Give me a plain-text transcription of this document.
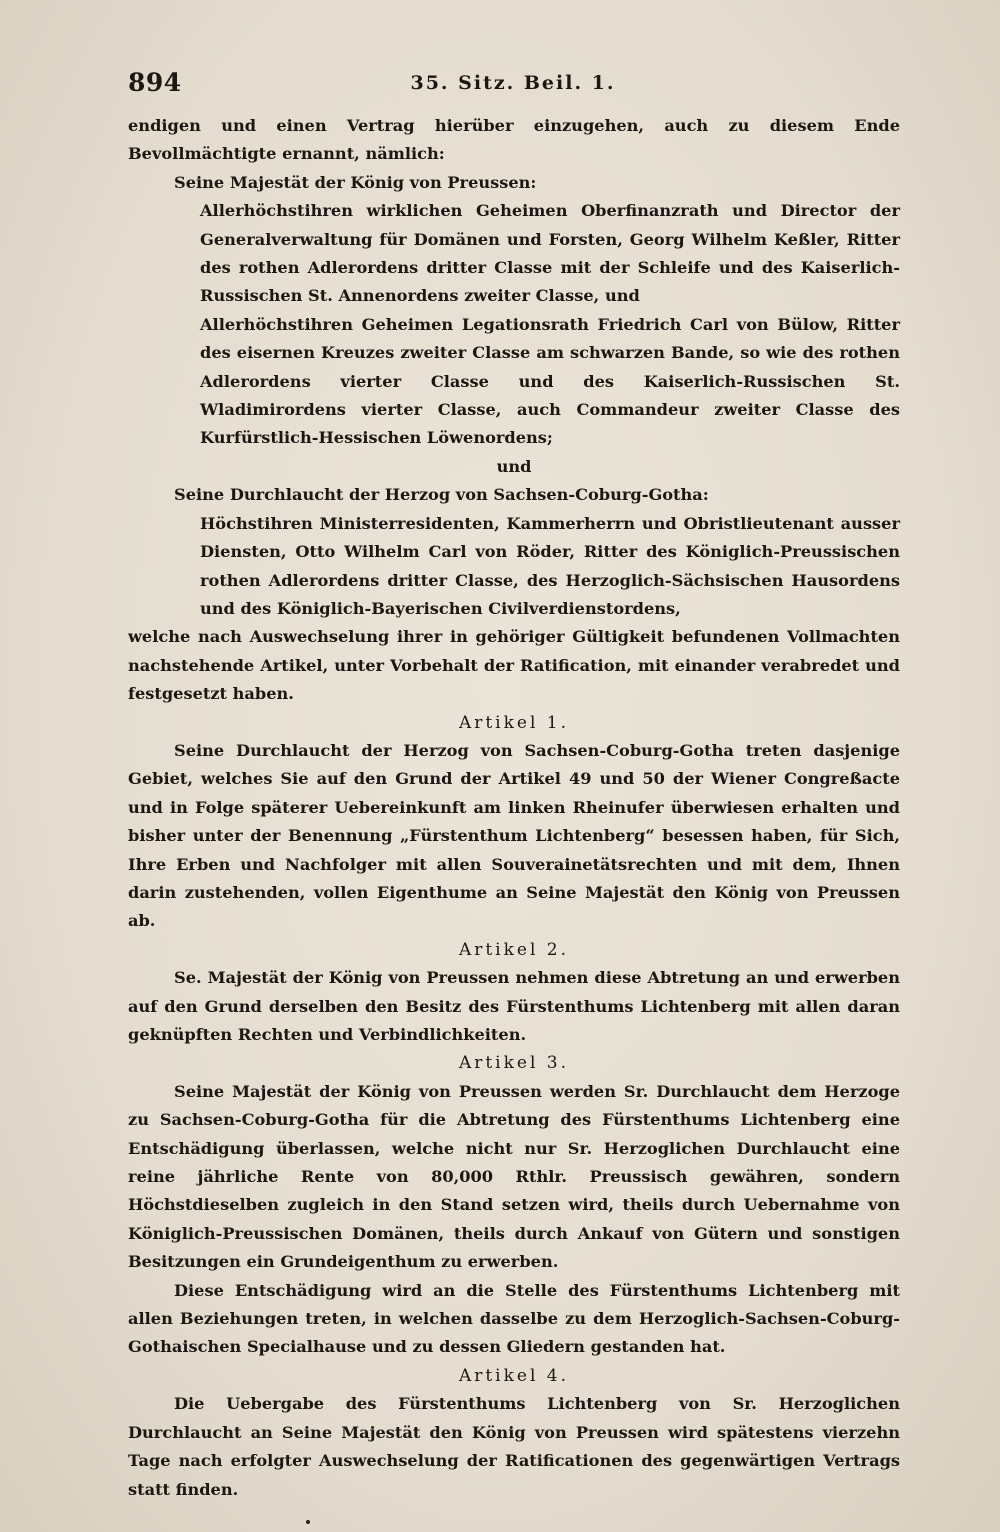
894	35. Sitz. Beil. 1.

endigen und einen Vertrag hierüber einzugehen, auch zu diesem Ende Bevollmächtigte ernannt, nämlich:

Seine Majestät der König von Preussen:

Allerhöchstihren wirklichen Geheimen Oberfinanzrath und Director der Generalverwaltung für Domänen und Forsten, Georg Wilhelm Keßler, Ritter des rothen Adlerordens dritter Classe mit der Schleife und des Kaiserlich-Russischen St. Annenordens zweiter Classe, und

Allerhöchstihren Geheimen Legationsrath Friedrich Carl von Bülow, Ritter des eisernen Kreuzes zweiter Classe am schwarzen Bande, so wie des rothen Adlerordens vierter Classe und des Kaiserlich-Russischen St. Wladimirordens vierter Classe, auch Commandeur zweiter Classe des Kurfürstlich-Hessischen Löwenordens;

und

Seine Durchlaucht der Herzog von Sachsen-Coburg-Gotha:

Höchstihren Ministerresidenten, Kammerherrn und Obristlieutenant ausser Diensten, Otto Wilhelm Carl von Röder, Ritter des Königlich-Preussischen rothen Adlerordens dritter Classe, des Herzoglich-Sächsischen Hausordens und des Königlich-Bayerischen Civilverdienstordens,

welche nach Auswechselung ihrer in gehöriger Gültigkeit befundenen Vollmachten nachstehende Artikel, unter Vorbehalt der Ratification, mit einander verabredet und festgesetzt haben.

Artikel 1.

Seine Durchlaucht der Herzog von Sachsen-Coburg-Gotha treten dasjenige Gebiet, welches Sie auf den Grund der Artikel 49 und 50 der Wiener Congreßacte und in Folge späterer Uebereinkunft am linken Rheinufer überwiesen erhalten und bisher unter der Benennung „Fürstenthum Lichtenberg“ besessen haben, für Sich, Ihre Erben und Nachfolger mit allen Souverainetätsrechten und mit dem, Ihnen darin zustehenden, vollen Eigenthume an Seine Majestät den König von Preussen ab.

Artikel 2.

Se. Majestät der König von Preussen nehmen diese Abtretung an und erwerben auf den Grund derselben den Besitz des Fürstenthums Lichtenberg mit allen daran geknüpften Rechten und Verbindlichkeiten.

Artikel 3.

Seine Majestät der König von Preussen werden Sr. Durchlaucht dem Herzoge zu Sachsen-Coburg-Gotha für die Abtretung des Fürstenthums Lichtenberg eine Entschädigung überlassen, welche nicht nur Sr. Herzoglichen Durchlaucht eine reine jährliche Rente von 80,000 Rthlr. Preussisch gewähren, sondern Höchstdieselben zugleich in den Stand setzen wird, theils durch Uebernahme von Königlich-Preussischen Domänen, theils durch Ankauf von Gütern und sonstigen Besitzungen ein Grundeigenthum zu erwerben.

Diese Entschädigung wird an die Stelle des Fürstenthums Lichtenberg mit allen Beziehungen treten, in welchen dasselbe zu dem Herzoglich-Sachsen-Coburg-Gothaischen Specialhause und zu dessen Gliedern gestanden hat.

Artikel 4.

Die Uebergabe des Fürstenthums Lichtenberg von Sr. Herzoglichen Durchlaucht an Seine Majestät den König von Preussen wird spätestens vierzehn Tage nach erfolgter Auswechselung der Ratificationen des gegenwärtigen Vertrags statt finden.
